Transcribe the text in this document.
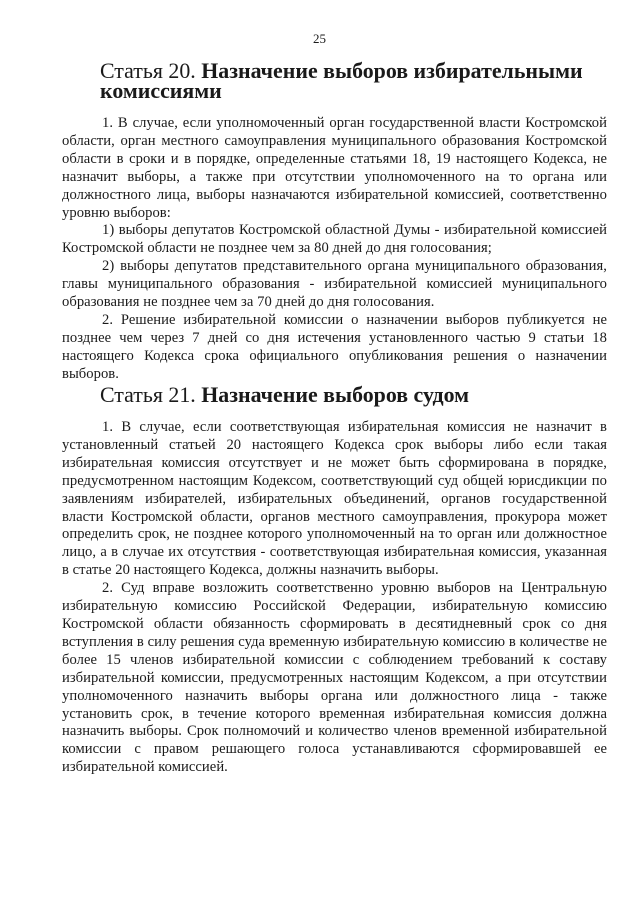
25
Статья 20. Назначение выборов избирательными комиссиями

1. В случае, если уполномоченный орган государственной власти Костромской области, орган местного самоуправления муниципального образования Костромской области в сроки и в порядке, определенные статьями 18, 19 настоящего Кодекса, не назначит выборы, а также при отсутствии уполномоченного на то органа или должностного лица, выборы назначаются избирательной комиссией, соответственно уровню выборов:

1) выборы депутатов Костромской областной Думы - избирательной комиссией Костромской области не позднее чем за 80 дней до дня голосования;

2) выборы депутатов представительного органа муниципального образования, главы муниципального образования - избирательной комиссией муниципального образования не позднее чем за 70 дней до дня голосования.

2. Решение избирательной комиссии о назначении выборов публикуется не позднее чем через 7 дней со дня истечения установленного частью 9 статьи 18 настоящего Кодекса срока официального опубликования решения о назначении выборов.

Статья 21. Назначение выборов судом

1. В случае, если соответствующая избирательная комиссия не назначит в установленный статьей 20 настоящего Кодекса срок выборы либо если такая избирательная комиссия отсутствует и не может быть сформирована в порядке, предусмотренном настоящим Кодексом, соответствующий суд общей юрисдикции по заявлениям избирателей, избирательных объединений, органов государственной власти Костромской области, органов местного самоуправления, прокурора может определить срок, не позднее которого уполномоченный на то орган или должностное лицо, а в случае их отсутствия - соответствующая избирательная комиссия, указанная в статье 20 настоящего Кодекса, должны назначить выборы.

2. Суд вправе возложить соответственно уровню выборов на Центральную избирательную комиссию Российской Федерации, избирательную комиссию Костромской области обязанность сформировать в десятидневный срок со дня вступления в силу решения суда временную избирательную комиссию в количестве не более 15 членов избирательной комиссии с соблюдением требований к составу избирательной комиссии, предусмотренных настоящим Кодексом, а при отсутствии уполномоченного назначить выборы органа или должностного лица - также установить срок, в течение которого временная избирательная комиссия должна назначить выборы. Срок полномочий и количество членов временной избирательной комиссии с правом решающего голоса устанавливаются сформировавшей ее избирательной комиссией.
